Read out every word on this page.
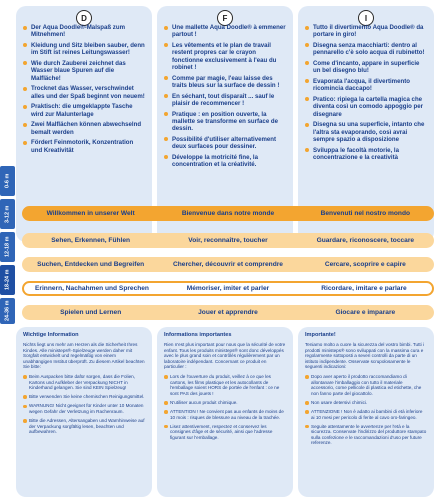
D
Der Aqua Doodle®-Malspaß zum Mitnehmen!
Kleidung und Sitz bleiben sauber, denn im Stift ist reines Leitungswasser!
Wie durch Zauberei zeichnet das Wasser blaue Spuren auf die Malfläche!
Trocknet das Wasser, verschwindet alles und der Spaß beginnt von neuem!
Praktisch: die umgeklappte Tasche wird zur Malunterlage
Zwei Malflächen können abwechselnd bemalt werden
Fördert Feinmotorik, Konzentration und Kreativität
F
Une mallette Aqua Doodle® à emmener partout !
Les vêtements et le plan de travail restent propres car le crayon fonctionne exclusivement à l'eau du robinet !
Comme par magie, l'eau laisse des traits bleus sur la surface de dessin !
En séchant, tout disparaît ... sauf le plaisir de recommencer !
Pratique : en position ouverte, la mallette se transforme en surface de dessin.
Possibilité d'utiliser alternativement deux surfaces pour dessiner.
Développe la motricité fine, la concentration et la créativité.
I
Tutto il divertimento Aqua Doodle® da portare in giro!
Disegna senza macchiarti: dentro al pennarello c'è solo acqua di rubinetto!
Come d'incanto, appare in superficie un bel disegno blu!
Evaporata l'acqua, il divertimento ricomincia daccapo!
Pratico: ripiega la cartella magica che diventa così un comodo appoggio per disegnare
Disegna su una superficie, intanto che l'altra sta evaporando, così avrai sempre spazio a disposizione
Sviluppa le facoltà motorie, la concentrazione e la creatività
0-6 m
3-12 m
12-18 m
18-24 m
24-36 m
Willkommen in unserer Welt	Bienvenue dans notre monde	Benvenuti nel nostro mondo
Sehen, Erkennen, Fühlen	Voir, reconnaître, toucher	Guardare, riconoscere, toccare
Suchen, Entdecken und Begreifen	Chercher, découvrir et comprendre	Cercare, scoprire e capire
Erinnern, Nachahmen und Sprechen	Mémoriser, imiter et parler	Ricordare, imitare e parlare
Spielen und Lernen	Jouer et apprendre	Giocare e imparare
Wichtige Information

Nichts liegt uns mehr am Herzen als die Sicherheit Ihres Kindes. Alle ministeps®-Spielzeuge werden daher mit Sorgfalt entwickelt und regelmäßig von einem unabhängigen Institut überprüft. Zu diesem Artikel beachten Sie bitte:

Beim Auspacken bitte dafür sorgen, dass die Folien, Kartons und Aufkleber der Verpackung NICHT in Kinderhand gelangen. Sie sind KEIN Spielzeug!
Bitte verwenden Sie keine chemischen Reinigungsmittel.
WARNUNG! Nicht geeignet für Kinder unter 10 Monaten wegen Gefahr der Verletzung im Rachenraum.
Bitte die Adressen, Altersangaben und Warnhinweise auf der Verpackung sorgfältig lesen, beachten und aufbewahren.
Informations importantes

Rien n'est plus important pour nous que la sécurité de votre enfant. Tous les produits ministeps® sont donc développés avec le plus grand soin et contrôlés régulièrement par un laboratoire indépendant. Concernant ce produit en particulier :

Lors de l'ouverture du produit, veillez à ce que les cartons, les films plastique et les autocollants de l'emballage soient HORS de portée de l'enfant : ce ne sont PAS des jouets !
N'utiliser aucun produit chimique.
ATTENTION ! Ne convient pas aux enfants de moins de 10 mois : risques de blessure au niveau de la trachée.
Lisez attentivement, respectez et conservez les consignes d'âge et de sécurité, ainsi que l'adresse figurant sur l'emballage.
Importante!

Teniamo molto a cuore la sicurezza del vostro bimbi. Tutti i prodotti ministeps® sono sviluppati con la massima cura e regolarmente sottoposti a severi controlli da parte di un istituto indipendente. Osservate scrupolosamente le seguenti indicazioni:

Dopo aver aperto il prodotto raccomandiamo di allontanare l'imballaggio con tutto il materiale accessorio, come pellicole di plastica ed etichette, che non fanno parte del giocattolo.
Non usare detersivi chimici.
ATTENZIONE ! Non è adatto ai bambini di età inferiore ai 10 mesi per pericolo di ferite al cavo oro-faringeo.
Seguite attentamente le avvertenze per l'età e la sicurezza. Conservate l'indirizzo del produttore stampato sulla confezione e le raccomandazioni d'uso per future referenze.
